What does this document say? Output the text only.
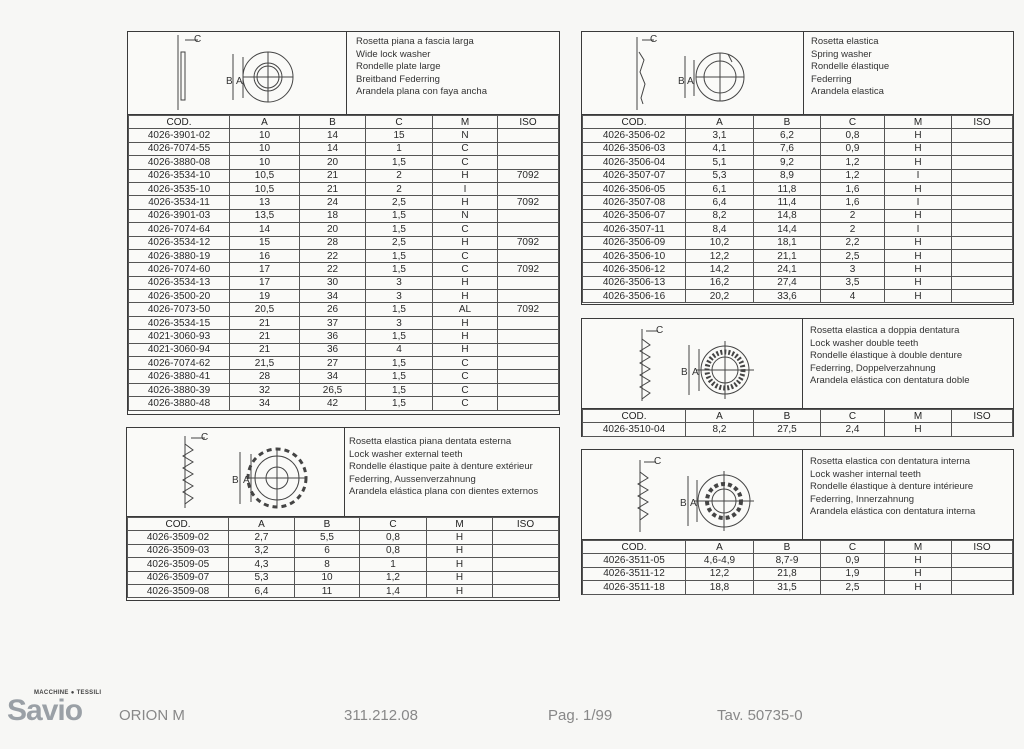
C
B A
Rosetta piana a fascia larga
Wide lock washer
Rondelle plate large
Breitband Federring
Arandela plana con faya ancha
COD.	A	B	C	M	ISO
4026-3901-02	10	14	15	N	
4026-7074-55	10	14	1	C	
4026-3880-08	10	20	1,5	C	
4026-3534-10	10,5	21	2	H	7092
4026-3535-10	10,5	21	2	I	
4026-3534-11	13	24	2,5	H	7092
4026-3901-03	13,5	18	1,5	N	
4026-7074-64	14	20	1,5	C	
4026-3534-12	15	28	2,5	H	7092
4026-3880-19	16	22	1,5	C	
4026-7074-60	17	22	1,5	C	7092
4026-3534-13	17	30	3	H	
4026-3500-20	19	34	3	H	
4026-7073-50	20,5	26	1,5	AL	7092
4026-3534-15	21	37	3	H	
4021-3060-93	21	36	1,5	H	
4021-3060-94	21	36	4	H	
4026-7074-62	21,5	27	1,5	C	
4026-3880-41	28	34	1,5	C	
4026-3880-39	32	26,5	1,5	C	
4026-3880-48	34	42	1,5	C	
C
B A
Rosetta elastica piana dentata esterna
Lock washer external teeth
Rondelle élastique paite à denture extérieur
Federring, Aussenverzahnung
Arandela elástica plana con dientes externos
COD.	A	B	C	M	ISO
4026-3509-02	2,7	5,5	0,8	H	
4026-3509-03	3,2	6	0,8	H	
4026-3509-05	4,3	8	1	H	
4026-3509-07	5,3	10	1,2	H	
4026-3509-08	6,4	11	1,4	H	
C
B A
Rosetta elastica
Spring washer
Rondelle élastique
Federring
Arandela elastica
COD.	A	B	C	M	ISO
4026-3506-02	3,1	6,2	0,8	H	
4026-3506-03	4,1	7,6	0,9	H	
4026-3506-04	5,1	9,2	1,2	H	
4026-3507-07	5,3	8,9	1,2	I	
4026-3506-05	6,1	11,8	1,6	H	
4026-3507-08	6,4	11,4	1,6	I	
4026-3506-07	8,2	14,8	2	H	
4026-3507-11	8,4	14,4	2	I	
4026-3506-09	10,2	18,1	2,2	H	
4026-3506-10	12,2	21,1	2,5	H	
4026-3506-12	14,2	24,1	3	H	
4026-3506-13	16,2	27,4	3,5	H	
4026-3506-16	20,2	33,6	4	H	
C
B A
Rosetta elastica a doppia dentatura
Lock washer double teeth
Rondelle élastique à double denture
Federring, Doppelverzahnung
Arandela elástica con dentatura doble
COD.	A	B	C	M	ISO
4026-3510-04	8,2	27,5	2,4	H	
C
B A
Rosetta elastica con dentatura interna
Lock washer internal teeth
Rondelle élastique à denture intérieure
Federring, Innerzahnung
Arandela elástica con dentatura interna
COD.	A	B	C	M	ISO
4026-3511-05	4,6-4,9	8,7-9	0,9	H	
4026-3511-12	12,2	21,8	1,9	H	
4026-3511-18	18,8	31,5	2,5	H	
MACCHINE ● TESSILI
Savio ORION M	311.212.08	Pag. 1/99	Tav. 50735-0
